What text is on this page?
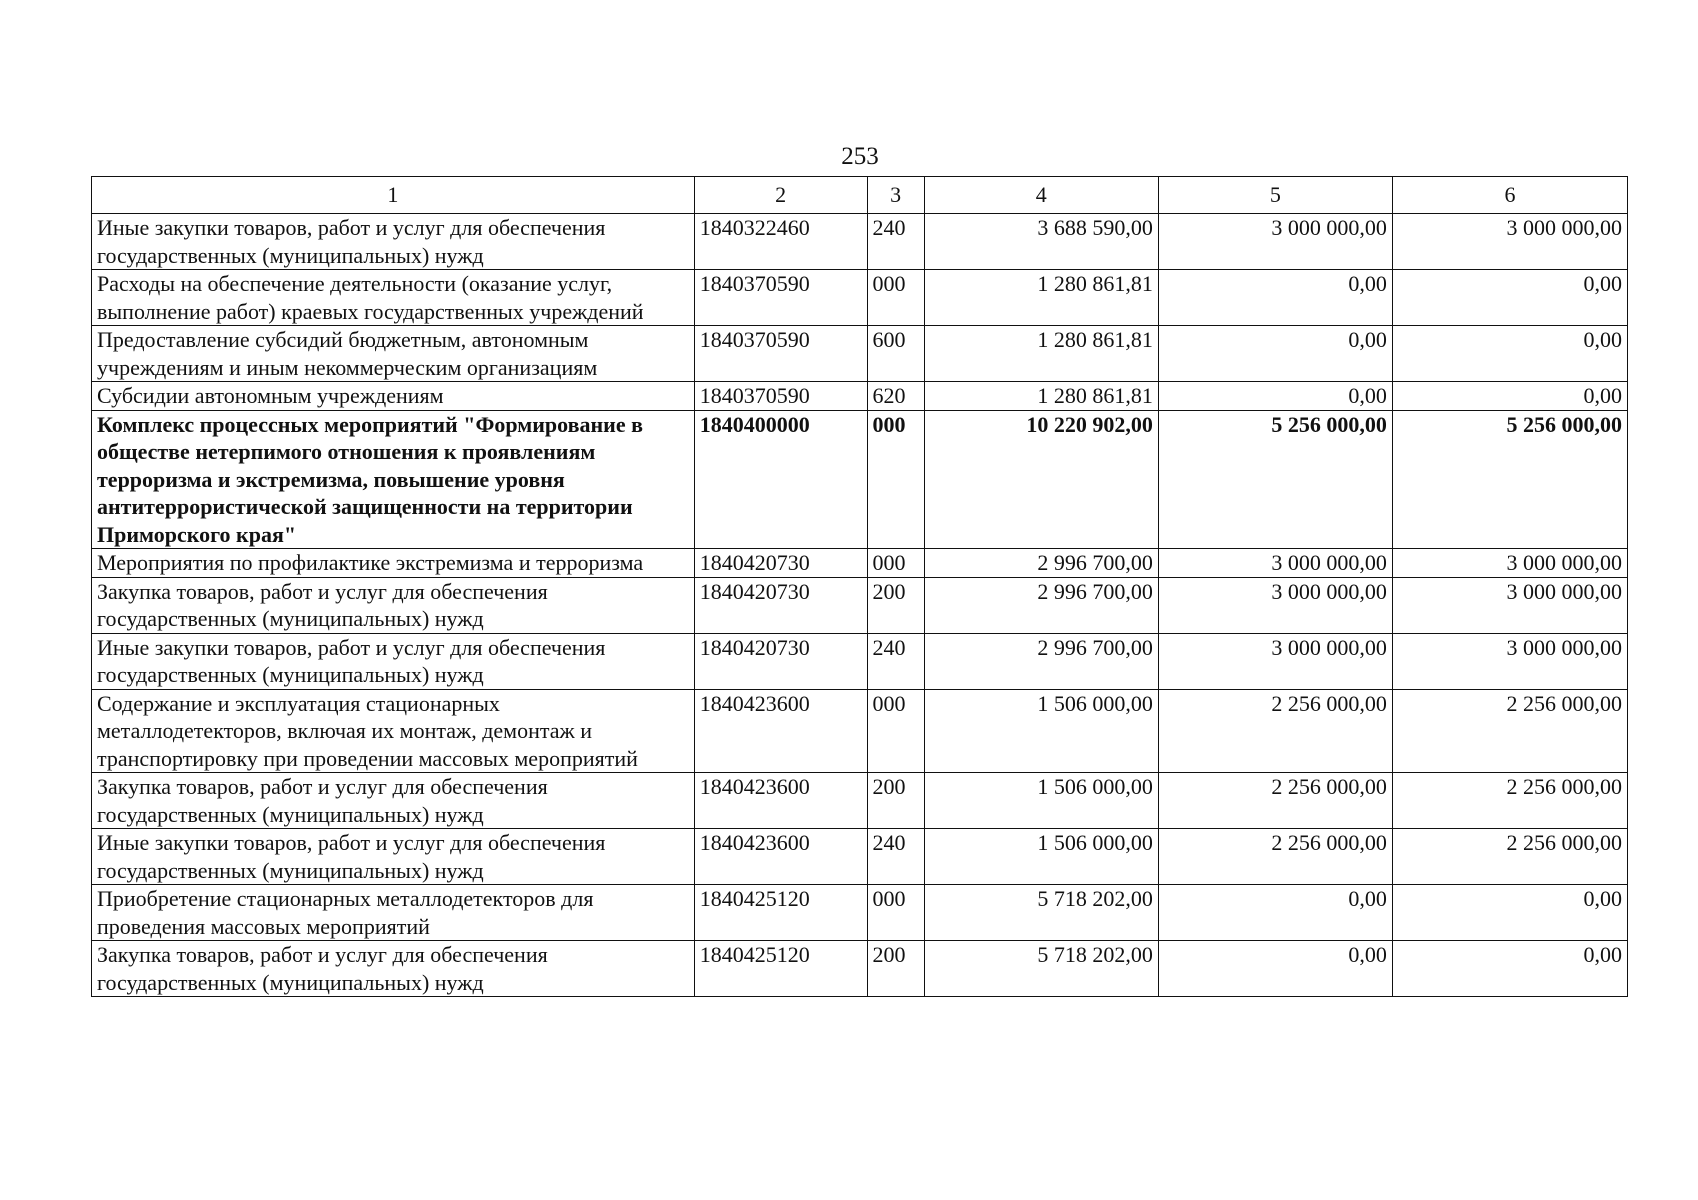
253
1	2	3	4	5	6
Иные закупки товаров, работ и услуг для обеспечения государственных (муниципальных) нужд	1840322460	240	3 688 590,00	3 000 000,00	3 000 000,00
Расходы на обеспечение деятельности (оказание услуг, выполнение работ) краевых государственных учреждений	1840370590	000	1 280 861,81	0,00	0,00
Предоставление субсидий бюджетным, автономным учреждениям и иным некоммерческим организациям	1840370590	600	1 280 861,81	0,00	0,00
Субсидии автономным учреждениям	1840370590	620	1 280 861,81	0,00	0,00
Комплекс процессных мероприятий "Формирование в обществе нетерпимого отношения к проявлениям терроризма и экстремизма, повышение уровня антитеррористической защищенности на территории Приморского края"	1840400000	000	10 220 902,00	5 256 000,00	5 256 000,00
Мероприятия по профилактике экстремизма и терроризма	1840420730	000	2 996 700,00	3 000 000,00	3 000 000,00
Закупка товаров, работ и услуг для обеспечения государственных (муниципальных) нужд	1840420730	200	2 996 700,00	3 000 000,00	3 000 000,00
Иные закупки товаров, работ и услуг для обеспечения государственных (муниципальных) нужд	1840420730	240	2 996 700,00	3 000 000,00	3 000 000,00
Содержание и эксплуатация стационарных металлодетекторов, включая их монтаж, демонтаж и транспортировку при проведении массовых мероприятий	1840423600	000	1 506 000,00	2 256 000,00	2 256 000,00
Закупка товаров, работ и услуг для обеспечения государственных (муниципальных) нужд	1840423600	200	1 506 000,00	2 256 000,00	2 256 000,00
Иные закупки товаров, работ и услуг для обеспечения государственных (муниципальных) нужд	1840423600	240	1 506 000,00	2 256 000,00	2 256 000,00
Приобретение стационарных металлодетекторов для проведения массовых мероприятий	1840425120	000	5 718 202,00	0,00	0,00
Закупка товаров, работ и услуг для обеспечения государственных (муниципальных) нужд	1840425120	200	5 718 202,00	0,00	0,00
